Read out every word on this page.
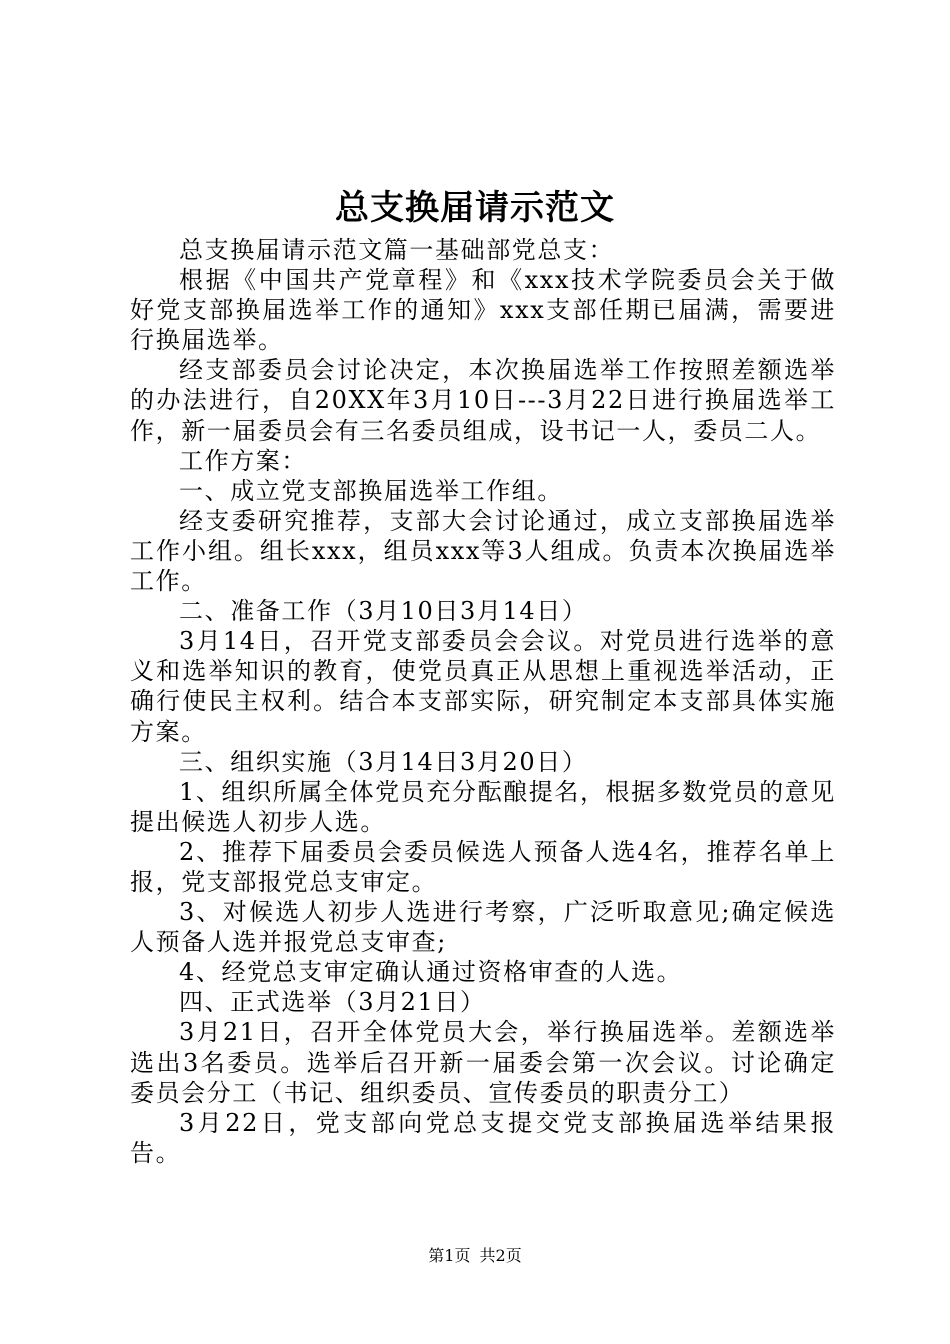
总支换届请示范文

总支换届请示范文篇一基础部党总支：

根据《中国共产党章程》和《xxx技术学院委员会关于做好党支部换届选举工作的通知》xxx支部任期已届满，需要进行换届选举。

经支部委员会讨论决定，本次换届选举工作按照差额选举的办法进行，自20XX年3月10日---3月22日进行换届选举工作，新一届委员会有三名委员组成，设书记一人，委员二人。

工作方案：

一、成立党支部换届选举工作组。

经支委研究推荐，支部大会讨论通过，成立支部换届选举工作小组。组长xxx，组员xxx等3人组成。负责本次换届选举工作。

二、准备工作（3月10日3月14日）

3月14日，召开党支部委员会会议。对党员进行选举的意义和选举知识的教育，使党员真正从思想上重视选举活动，正确行使民主权利。结合本支部实际，研究制定本支部具体实施方案。

三、组织实施（3月14日3月20日）

1、组织所属全体党员充分酝酿提名，根据多数党员的意见提出候选人初步人选。

2、推荐下届委员会委员候选人预备人选4名，推荐名单上报，党支部报党总支审定。

3、对候选人初步人选进行考察，广泛听取意见;确定候选人预备人选并报党总支审查;

4、经党总支审定确认通过资格审查的人选。

四、正式选举（3月21日）

3月21日，召开全体党员大会，举行换届选举。差额选举选出3名委员。选举后召开新一届委会第一次会议。讨论确定委员会分工（书记、组织委员、宣传委员的职责分工）

3月22日，党支部向党总支提交党支部换届选举结果报告。

第1页 共2页
